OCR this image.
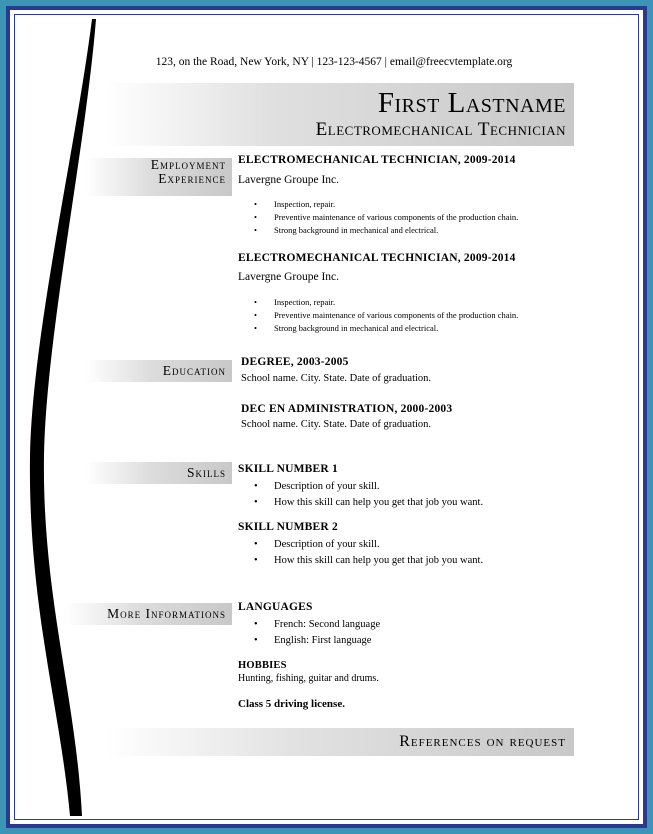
123, on the Road, New York, NY | 123-123-4567 | email@freecvtemplate.org
First Lastname
Electromechanical Technician
Employment
Experience
ELECTROMECHANICAL TECHNICIAN, 2009-2014
Lavergne Groupe Inc.
• Inspection, repair.
• Preventive maintenance of various components of the production chain.
• Strong background in mechanical and electrical.
ELECTROMECHANICAL TECHNICIAN, 2009-2014
Lavergne Groupe Inc.
• Inspection, repair.
• Preventive maintenance of various components of the production chain.
• Strong background in mechanical and electrical.
Education
DEGREE, 2003-2005
School name. City. State. Date of graduation.
DEC EN ADMINISTRATION, 2000-2003
School name. City. State. Date of graduation.
Skills SKILL NUMBER 1
• Description of your skill.
• How this skill can help you get that job you want.
SKILL NUMBER 2
• Description of your skill.
• How this skill can help you get that job you want.
More Informations LANGUAGES
• French: Second language
• English: First language
HOBBIES
Hunting, fishing, guitar and drums.
Class 5 driving license.
References on request
